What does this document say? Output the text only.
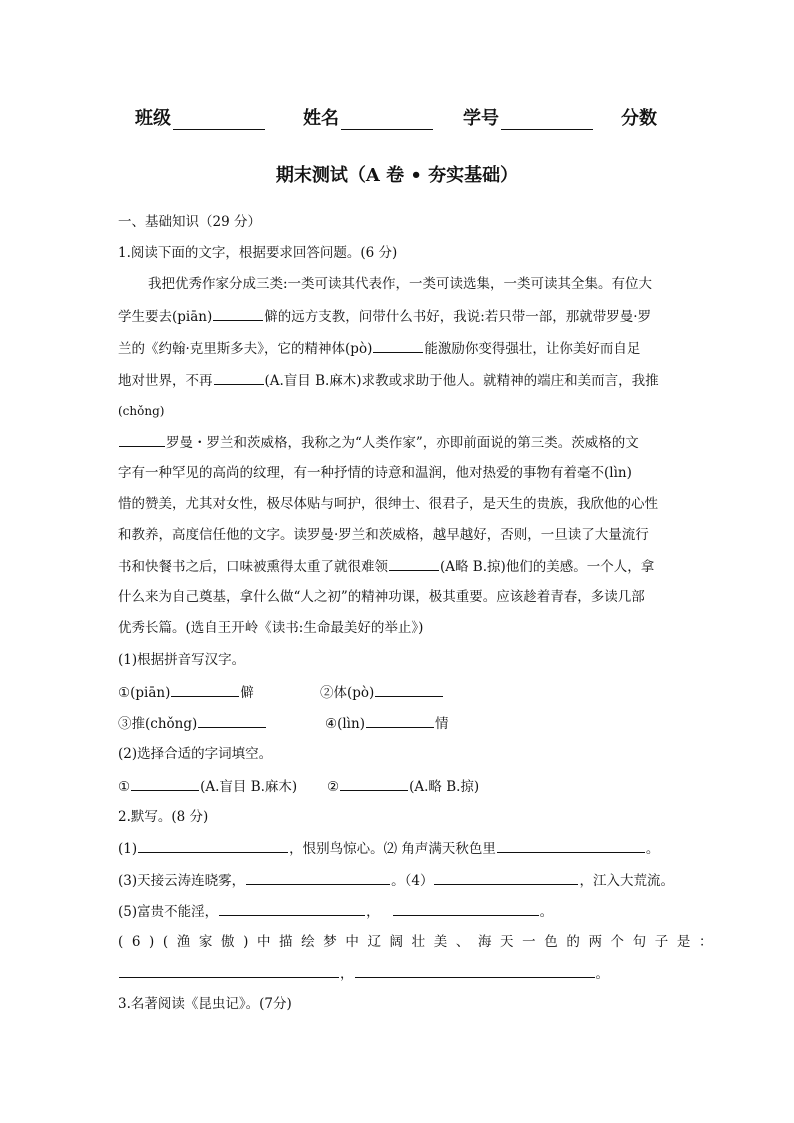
班级	姓名	学号	分数
期末测试（A 卷 • 夯实基础）
一、基础知识（29 分）
1.阅读下面的文字，根据要求回答问题。(6 分)
我把优秀作家分成三类:一类可读其代表作，一类可读选集，一类可读其全集。有位大
学生要去(piān)	僻的远方支教，问带什么书好，我说:若只带一部，那就带罗曼·罗
兰的《约翰·克里斯多夫》，它的精神体(pò)	能激励你变得强壮，让你美好而自足
地对世界，不再	(A.盲目 B.麻木)求教或求助于他人。就精神的端庄和美而言，我推
(chǒng)
罗曼・罗兰和茨威格，我称之为“人类作家”，亦即前面说的第三类。茨威格的文
字有一种罕见的高尚的纹理，有一种抒情的诗意和温润，他对热爱的事物有着毫不(lìn)
惜的赞美，尤其对女性，极尽体贴与呵护，很绅士、很君子，是天生的贵族，我欣他的心性
和教养，高度信任他的文字。读罗曼·罗兰和茨威格，越早越好，否则，一旦读了大量流行
书和快餐书之后，口味被熏得太重了就很难领	(A略 B.掠)他们的美感。一个人，拿
什么来为自己奠基，拿什么做“人之初”的精神功课，极其重要。应该趁着青春，多读几部
优秀长篇。(选自王开岭《读书:生命最美好的举止》)
(1)根据拼音写汉字。
①(piān)	僻	②体(pò)
③推(chǒng)	④(lìn)	情
(2)选择合适的字词填空。
①	(A.盲目 B.麻木) ②	(A.略 B.掠)
2.默写。(8 分)
(1)	，恨别鸟惊心。⑵ 角声满天秋色里	。
(3)天接云涛连晓雾，	。（4）	，江入大荒流。
(5)富贵不能淫，	，	。
(6)(渔家傲)中描绘梦中辽阔壮美、海天一色的两个句子是：
，	。
3.名著阅读《昆虫记》。(7分)
